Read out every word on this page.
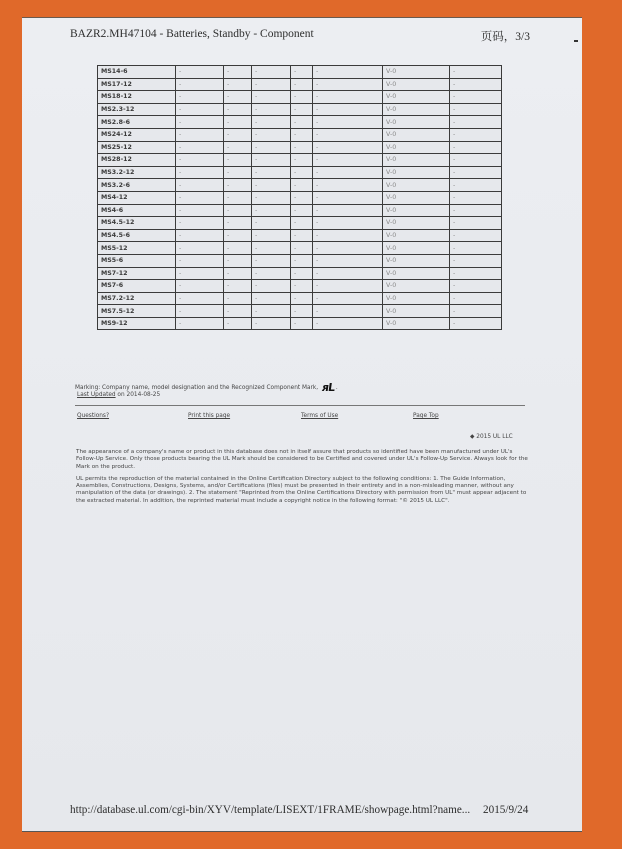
BAZR2.MH47104 - Batteries, Standby - Component	页码，3/3
MS14-6	-	-	-	-	-	V-0	-
MS17-12	-	-	-	-	-	V-0	-
MS18-12	-	-	-	-	-	V-0	-
MS2.3-12	-	-	-	-	-	V-0	-
MS2.8-6	-	-	-	-	-	V-0	-
MS24-12	-	-	-	-	-	V-0	-
MS25-12	-	-	-	-	-	V-0	-
MS28-12	-	-	-	-	-	V-0	-
MS3.2-12	-	-	-	-	-	V-0	-
MS3.2-6	-	-	-	-	-	V-0	-
MS4-12	-	-	-	-	-	V-0	-
MS4-6	-	-	-	-	-	V-0	-
MS4.5-12	-	-	-	-	-	V-0	-
MS4.5-6	-	-	-	-	-	V-0	-
MS5-12	-	-	-	-	-	V-0	-
MS5-6	-	-	-	-	-	V-0	-
MS7-12	-	-	-	-	-	V-0	-
MS7-6	-	-	-	-	-	V-0	-
MS7.2-12	-	-	-	-	-	V-0	-
MS7.5-12	-	-	-	-	-	V-0	-
MS9-12	-	-	-	-	-	V-0	-
Marking: Company name, model designation and the Recognized Component Mark, ᴙL .
Last Updated on 2014-08-25
Questions?	Print this page	Terms of Use	Page Top
◆ 2015 UL LLC

The appearance of a company's name or product in this database does not in itself assure that products so identified have been manufactured under UL's Follow-Up Service. Only those products bearing the UL Mark should be considered to be Certified and covered under UL's Follow-Up Service. Always look for the Mark on the product.

UL permits the reproduction of the material contained in the Online Certification Directory subject to the following conditions: 1. The Guide Information, Assemblies, Constructions, Designs, Systems, and/or Certifications (files) must be presented in their entirety and in a non-misleading manner, without any manipulation of the data (or drawings). 2. The statement "Reprinted from the Online Certifications Directory with permission from UL" must appear adjacent to the extracted material. In addition, the reprinted material must include a copyright notice in the following format: "© 2015 UL LLC".

http://database.ul.com/cgi-bin/XYV/template/LISEXT/1FRAME/showpage.html?name... 2015/9/24
